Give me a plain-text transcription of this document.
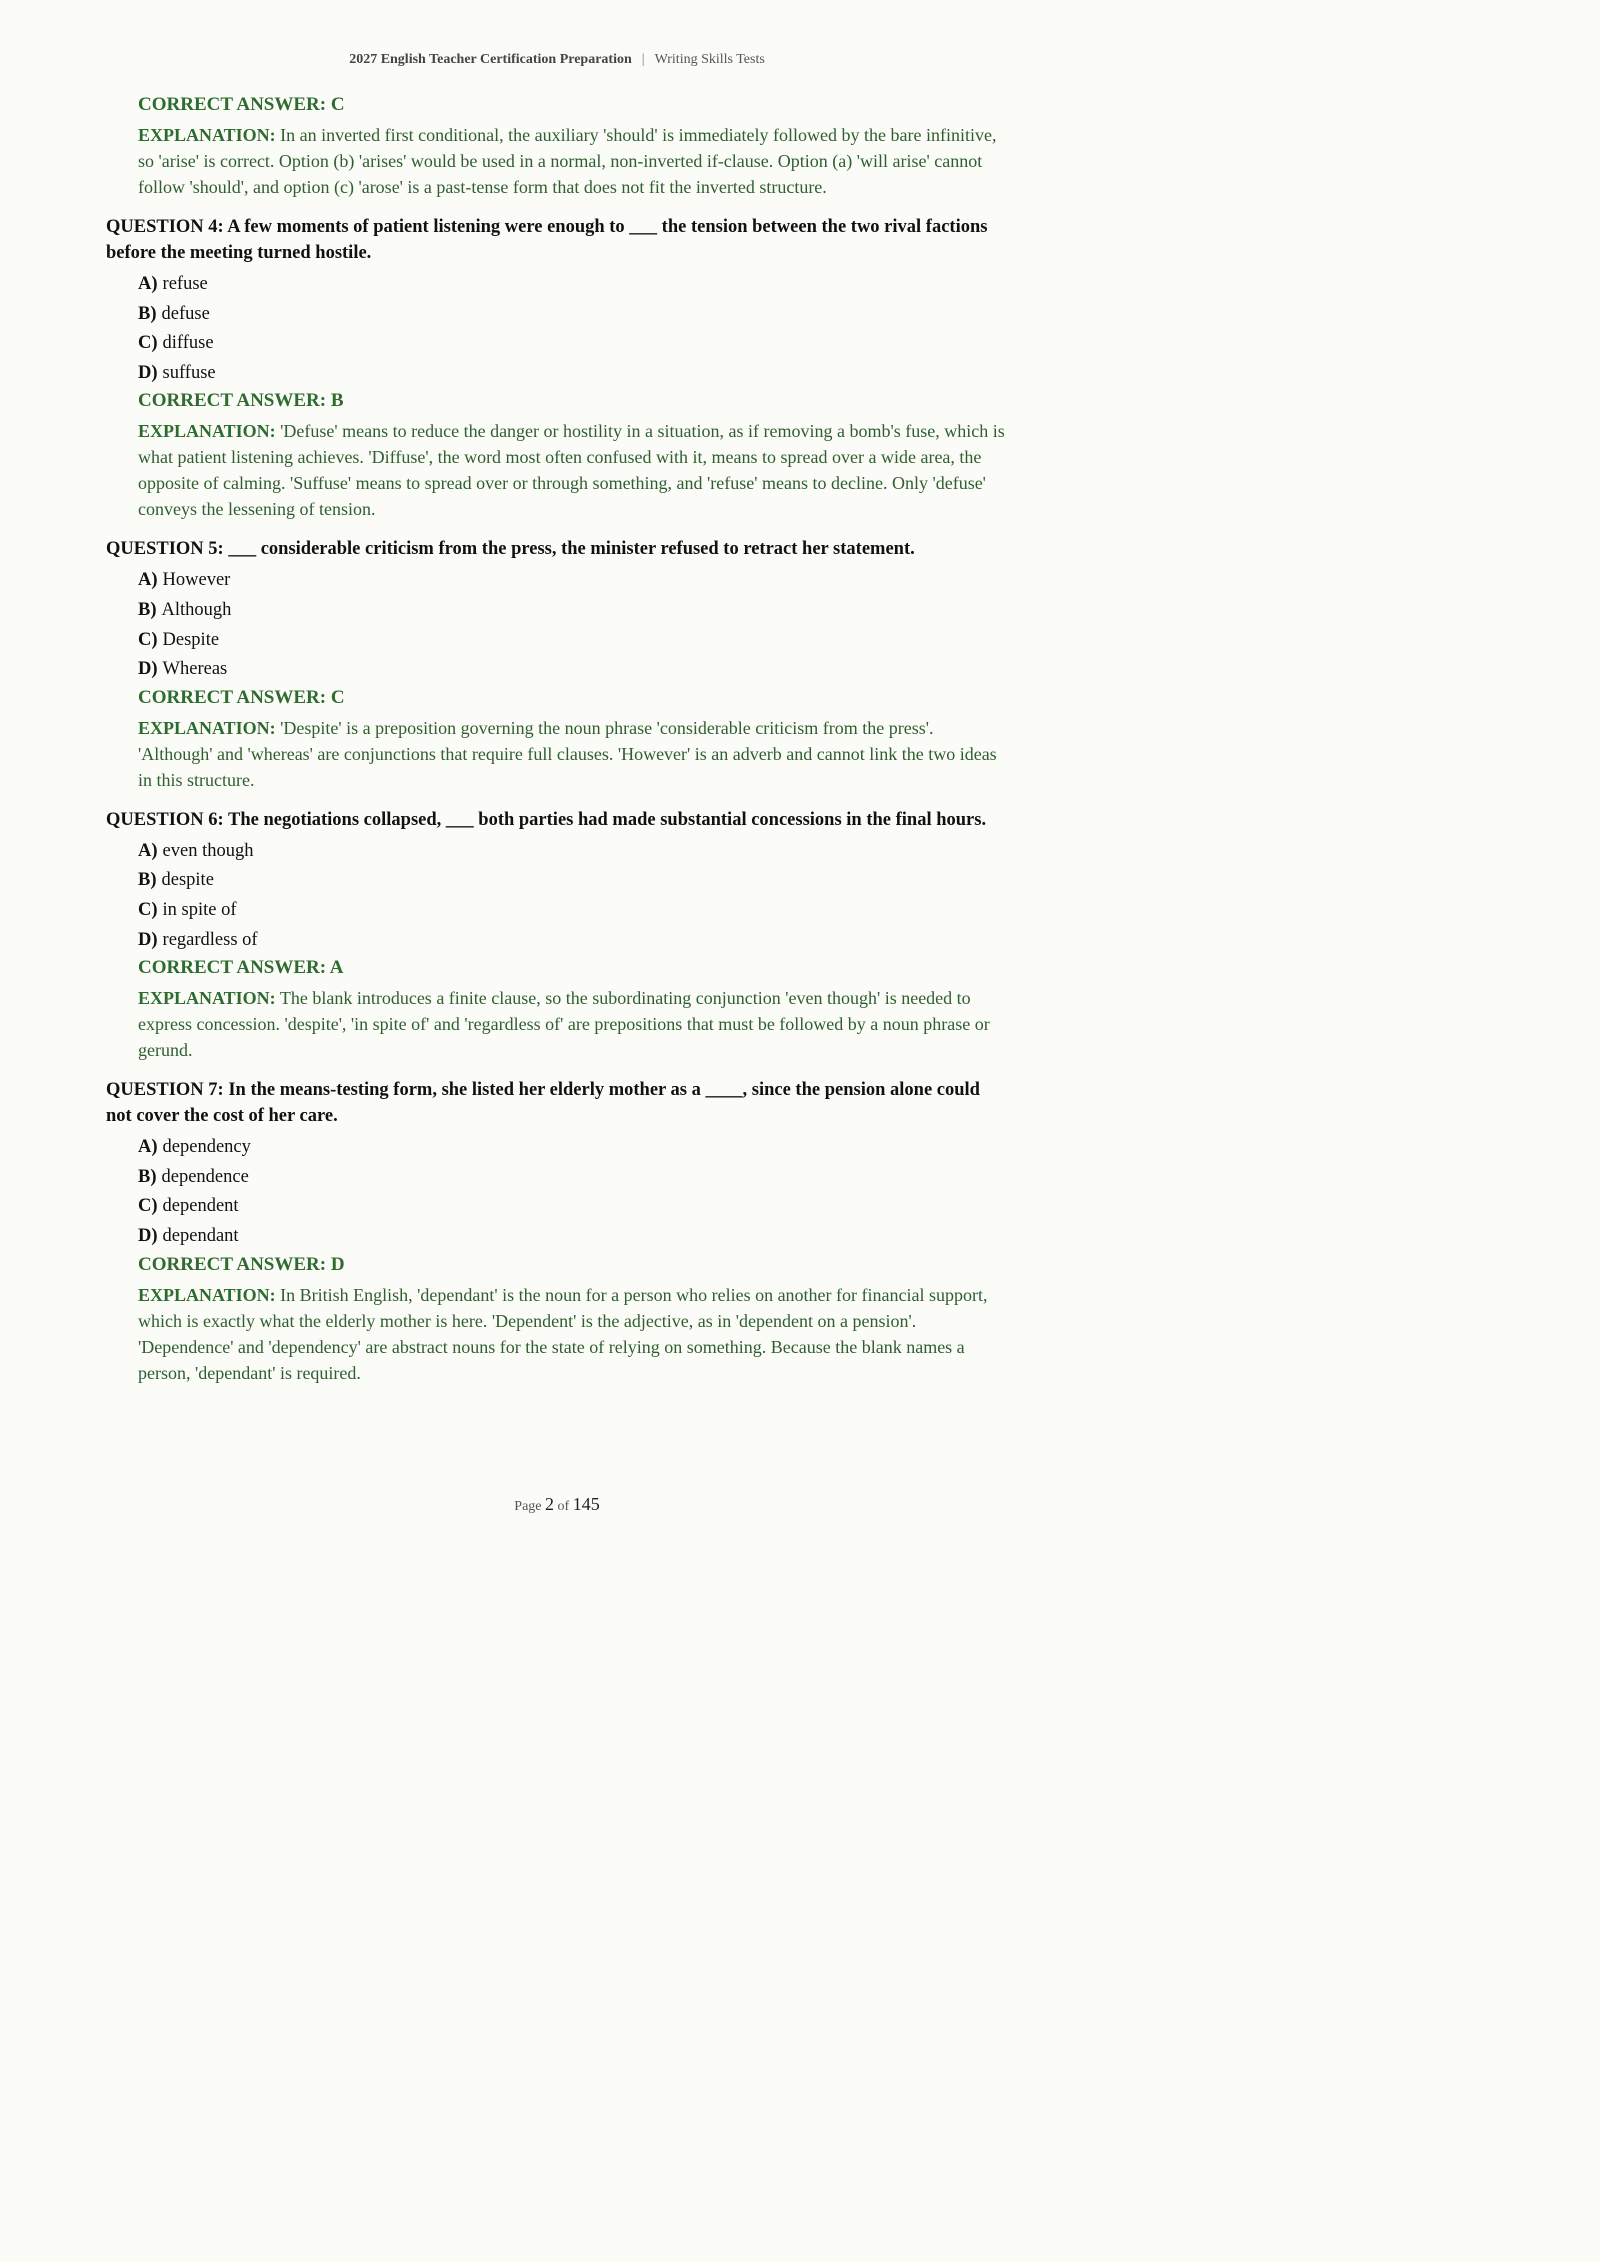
2027 English Teacher Certification Preparation | Writing Skills Tests
CORRECT ANSWER: C
EXPLANATION: In an inverted first conditional, the auxiliary 'should' is immediately followed by the bare infinitive, so 'arise' is correct. Option (b) 'arises' would be used in a normal, non-inverted if-clause. Option (a) 'will arise' cannot follow 'should', and option (c) 'arose' is a past-tense form that does not fit the inverted structure.
QUESTION 4: A few moments of patient listening were enough to ___ the tension between the two rival factions before the meeting turned hostile.
A) refuse
B) defuse
C) diffuse
D) suffuse
CORRECT ANSWER: B
EXPLANATION: 'Defuse' means to reduce the danger or hostility in a situation, as if removing a bomb's fuse, which is what patient listening achieves. 'Diffuse', the word most often confused with it, means to spread over a wide area, the opposite of calming. 'Suffuse' means to spread over or through something, and 'refuse' means to decline. Only 'defuse' conveys the lessening of tension.
QUESTION 5: ___ considerable criticism from the press, the minister refused to retract her statement.
A) However
B) Although
C) Despite
D) Whereas
CORRECT ANSWER: C
EXPLANATION: 'Despite' is a preposition governing the noun phrase 'considerable criticism from the press'. 'Although' and 'whereas' are conjunctions that require full clauses. 'However' is an adverb and cannot link the two ideas in this structure.
QUESTION 6: The negotiations collapsed, ___ both parties had made substantial concessions in the final hours.
A) even though
B) despite
C) in spite of
D) regardless of
CORRECT ANSWER: A
EXPLANATION: The blank introduces a finite clause, so the subordinating conjunction 'even though' is needed to express concession. 'despite', 'in spite of' and 'regardless of' are prepositions that must be followed by a noun phrase or gerund.
QUESTION 7: In the means-testing form, she listed her elderly mother as a ____, since the pension alone could not cover the cost of her care.
A) dependency
B) dependence
C) dependent
D) dependant
CORRECT ANSWER: D
EXPLANATION: In British English, 'dependant' is the noun for a person who relies on another for financial support, which is exactly what the elderly mother is here. 'Dependent' is the adjective, as in 'dependent on a pension'. 'Dependence' and 'dependency' are abstract nouns for the state of relying on something. Because the blank names a person, 'dependant' is required.
Page 2 of 145
